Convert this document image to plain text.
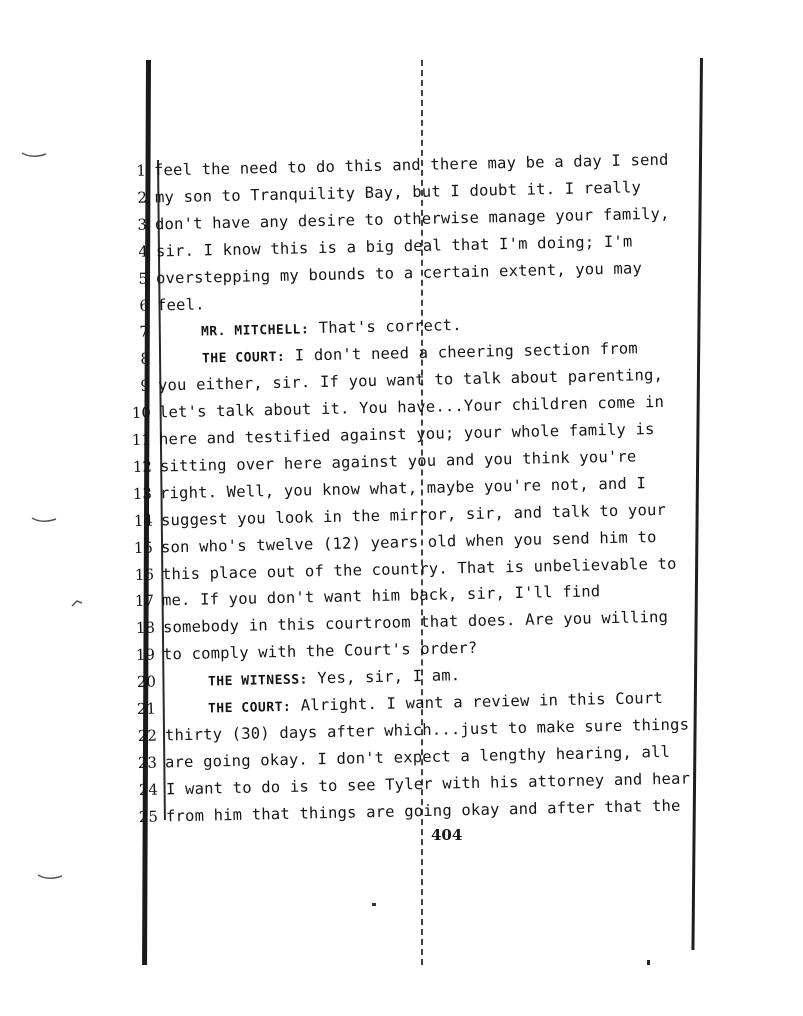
1 feel the need to do this and there may be a day I send
2 my son to Tranquility Bay, but I doubt it. I really
3 don't have any desire to otherwise manage your family,
4 sir. I know this is a big deal that I'm doing; I'm
5 overstepping my bounds to a certain extent, you may
6 feel.
7	MR. MITCHELL: That's correct.
8	THE COURT: I don't need a cheering section from
9 you either, sir. If you want to talk about parenting,
10 let's talk about it. You have...Your children come in
11 here and testified against you; your whole family is
12 sitting over here against you and you think you're
13 right. Well, you know what, maybe you're not, and I
14 suggest you look in the mirror, sir, and talk to your
15 son who's twelve (12) years old when you send him to
16 this place out of the country. That is unbelievable to
17 me. If you don't want him back, sir, I'll find
18 somebody in this courtroom that does. Are you willing
19 to comply with the Court's order?
20	THE WITNESS: Yes, sir, I am.
21	THE COURT: Alright. I want a review in this Court
22 thirty (30) days after which...just to make sure things
23 are going okay. I don't expect a lengthy hearing, all
24 I want to do is to see Tyler with his attorney and hear
25 from him that things are going okay and after that the
404
